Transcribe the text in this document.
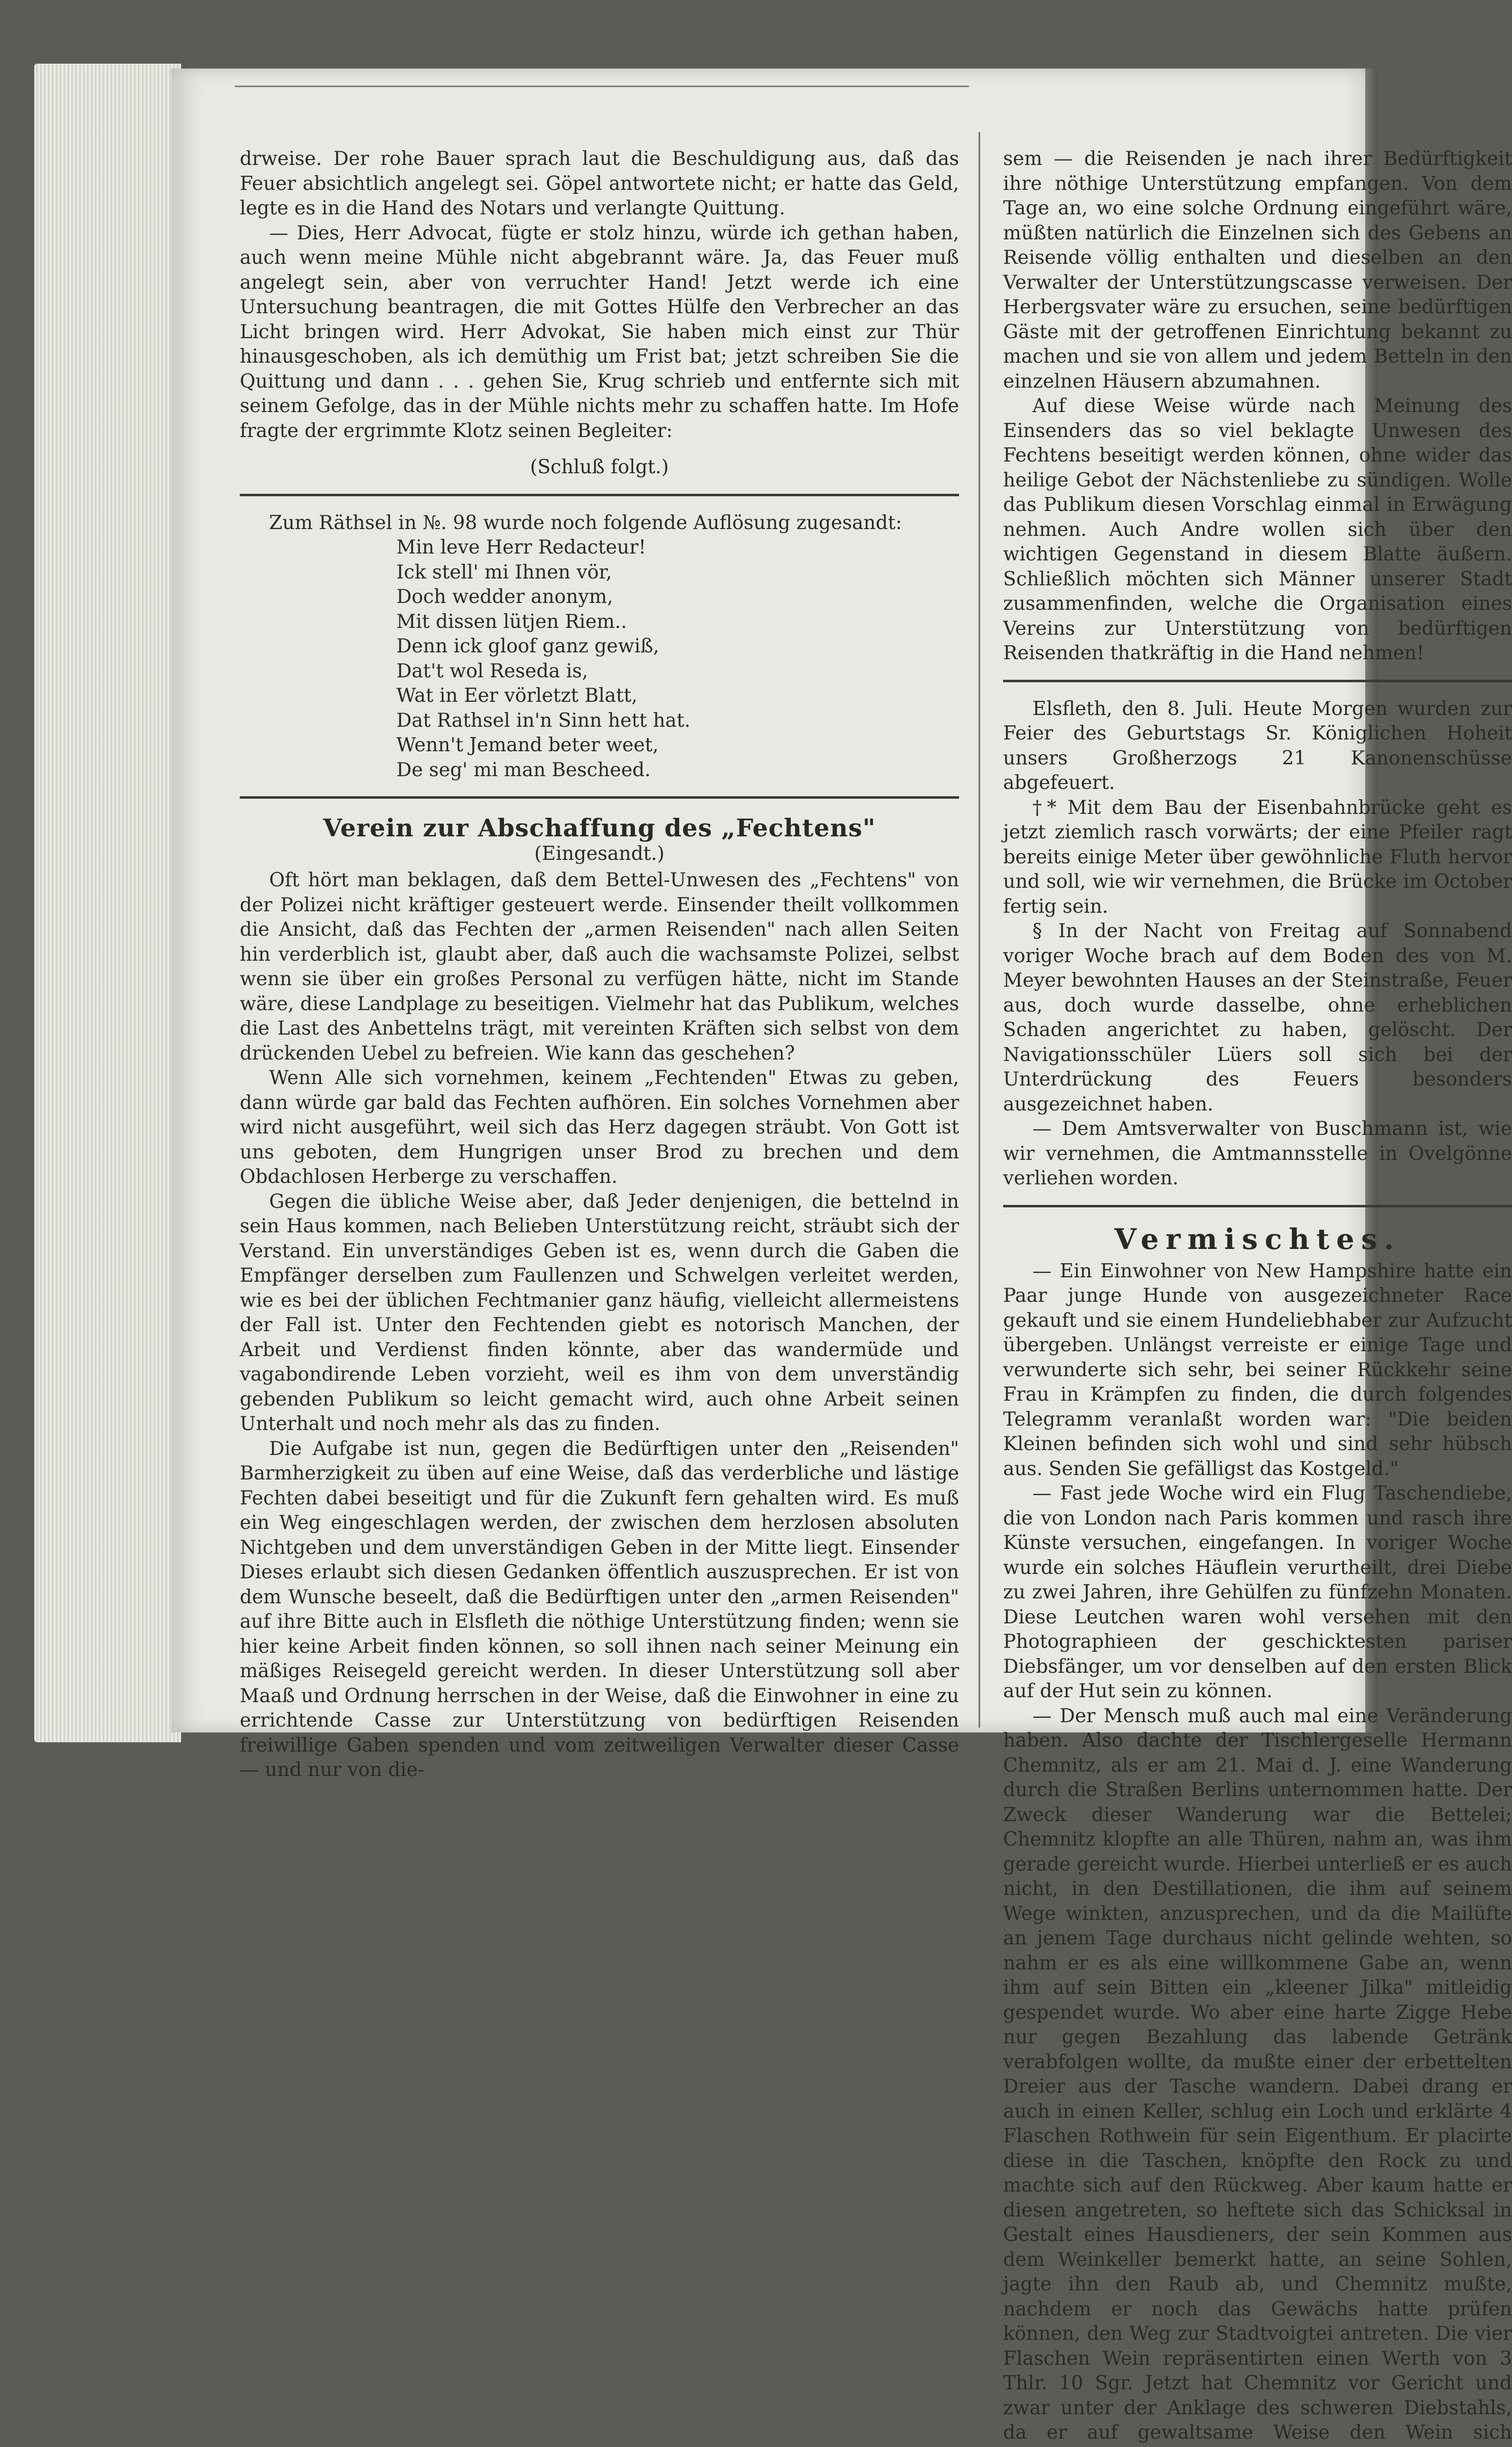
drweise. Der rohe Bauer sprach laut die Beschuldigung aus, daß das Feuer absichtlich angelegt sei. Göpel antwortete nicht; er hatte das Geld, legte es in die Hand des Notars und verlangte Quittung.

— Dies, Herr Advocat, fügte er stolz hinzu, würde ich gethan haben, auch wenn meine Mühle nicht abgebrannt wäre. Ja, das Feuer muß angelegt sein, aber von verruchter Hand! Jetzt werde ich eine Untersuchung beantragen, die mit Gottes Hülfe den Verbrecher an das Licht bringen wird. Herr Advokat, Sie haben mich einst zur Thür hinausgeschoben, als ich demüthig um Frist bat; jetzt schreiben Sie die Quittung und dann . . . gehen Sie, Krug schrieb und entfernte sich mit seinem Gefolge, das in der Mühle nichts mehr zu schaffen hatte. Im Hofe fragte der ergrimmte Klotz seinen Begleiter:

(Schluß folgt.)

Zum Räthsel in №. 98 wurde noch folgende Auflösung zugesandt:

Min leve Herr Redacteur!
Ick stell' mi Ihnen vör,
Doch wedder anonym,
Mit dissen lütjen Riem..
Denn ick gloof ganz gewiß,
Dat't wol Reseda is,
Wat in Eer vörletzt Blatt,
Dat Rathsel in'n Sinn hett hat.
Wenn't Jemand beter weet,
De seg' mi man Bescheed.
Verein zur Abschaffung des „Fechtens"
(Eingesandt.)

Oft hört man beklagen, daß dem Bettel-Unwesen des „Fechtens" von der Polizei nicht kräftiger gesteuert werde. Einsender theilt vollkommen die Ansicht, daß das Fechten der „armen Reisenden" nach allen Seiten hin verderblich ist, glaubt aber, daß auch die wachsamste Polizei, selbst wenn sie über ein großes Personal zu verfügen hätte, nicht im Stande wäre, diese Landplage zu beseitigen. Vielmehr hat das Publikum, welches die Last des Anbettelns trägt, mit vereinten Kräften sich selbst von dem drückenden Uebel zu befreien. Wie kann das geschehen?

Wenn Alle sich vornehmen, keinem „Fechtenden" Etwas zu geben, dann würde gar bald das Fechten aufhören. Ein solches Vornehmen aber wird nicht ausgeführt, weil sich das Herz dagegen sträubt. Von Gott ist uns geboten, dem Hungrigen unser Brod zu brechen und dem Obdachlosen Herberge zu verschaffen.

Gegen die übliche Weise aber, daß Jeder denjenigen, die bettelnd in sein Haus kommen, nach Belieben Unterstützung reicht, sträubt sich der Verstand. Ein unverständiges Geben ist es, wenn durch die Gaben die Empfänger derselben zum Faullenzen und Schwelgen verleitet werden, wie es bei der üblichen Fechtmanier ganz häufig, vielleicht allermeistens der Fall ist. Unter den Fechtenden giebt es notorisch Manchen, der Arbeit und Verdienst finden könnte, aber das wandermüde und vagabondirende Leben vorzieht, weil es ihm von dem unverständig gebenden Publikum so leicht gemacht wird, auch ohne Arbeit seinen Unterhalt und noch mehr als das zu finden.

Die Aufgabe ist nun, gegen die Bedürftigen unter den „Reisenden" Barmherzigkeit zu üben auf eine Weise, daß das verderbliche und lästige Fechten dabei beseitigt und für die Zukunft fern gehalten wird. Es muß ein Weg eingeschlagen werden, der zwischen dem herzlosen absoluten Nichtgeben und dem unverständigen Geben in der Mitte liegt. Einsender Dieses erlaubt sich diesen Gedanken öffentlich auszusprechen. Er ist von dem Wunsche beseelt, daß die Bedürftigen unter den „armen Reisenden" auf ihre Bitte auch in Elsfleth die nöthige Unterstützung finden; wenn sie hier keine Arbeit finden können, so soll ihnen nach seiner Meinung ein mäßiges Reisegeld gereicht werden. In dieser Unterstützung soll aber Maaß und Ordnung herrschen in der Weise, daß die Einwohner in eine zu errichtende Casse zur Unterstützung von bedürftigen Reisenden freiwillige Gaben spenden und vom zeitweiligen Verwalter dieser Casse — und nur von die-

sem — die Reisenden je nach ihrer Bedürftigkeit ihre nöthige Unterstützung empfangen. Von dem Tage an, wo eine solche Ordnung eingeführt wäre, müßten natürlich die Einzelnen sich des Gebens an Reisende völlig enthalten und dieselben an den Verwalter der Unterstützungscasse verweisen. Der Herbergsvater wäre zu ersuchen, seine bedürftigen Gäste mit der getroffenen Einrichtung bekannt zu machen und sie von allem und jedem Betteln in den einzelnen Häusern abzumahnen.

Auf diese Weise würde nach Meinung des Einsenders das so viel beklagte Unwesen des Fechtens beseitigt werden können, ohne wider das heilige Gebot der Nächstenliebe zu sündigen. Wolle das Publikum diesen Vorschlag einmal in Erwägung nehmen. Auch Andre wollen sich über den wichtigen Gegenstand in diesem Blatte äußern. Schließlich möchten sich Männer unserer Stadt zusammenfinden, welche die Organisation eines Vereins zur Unterstützung von bedürftigen Reisenden thatkräftig in die Hand nehmen!

Elsfleth, den 8. Juli. Heute Morgen wurden zur Feier des Geburtstags Sr. Königlichen Hoheit unsers Großherzogs 21 Kanonenschüsse abgefeuert.

†* Mit dem Bau der Eisenbahnbrücke geht es jetzt ziemlich rasch vorwärts; der eine Pfeiler ragt bereits einige Meter über gewöhnliche Fluth hervor und soll, wie wir vernehmen, die Brücke im October fertig sein.

§ In der Nacht von Freitag auf Sonnabend voriger Woche brach auf dem Boden des von M. Meyer bewohnten Hauses an der Steinstraße, Feuer aus, doch wurde dasselbe, ohne erheblichen Schaden angerichtet zu haben, gelöscht. Der Navigationsschüler Lüers soll sich bei der Unterdrückung des Feuers besonders ausgezeichnet haben.

— Dem Amtsverwalter von Buschmann ist, wie wir vernehmen, die Amtmannsstelle in Ovelgönne verliehen worden.

Vermischtes.

— Ein Einwohner von New Hampshire hatte ein Paar junge Hunde von ausgezeichneter Race gekauft und sie einem Hundeliebhaber zur Aufzucht übergeben. Unlängst verreiste er einige Tage und verwunderte sich sehr, bei seiner Rückkehr seine Frau in Krämpfen zu finden, die durch folgendes Telegramm veranlaßt worden war: "Die beiden Kleinen befinden sich wohl und sind sehr hübsch aus. Senden Sie gefälligst das Kostgeld."

— Fast jede Woche wird ein Flug Taschendiebe, die von London nach Paris kommen und rasch ihre Künste versuchen, eingefangen. In voriger Woche wurde ein solches Häuflein verurtheilt, drei Diebe zu zwei Jahren, ihre Gehülfen zu fünfzehn Monaten. Diese Leutchen waren wohl versehen mit den Photographieen der geschicktesten pariser Diebsfänger, um vor denselben auf den ersten Blick auf der Hut sein zu können.

— Der Mensch muß auch mal eine Veränderung haben. Also dachte der Tischlergeselle Hermann Chemnitz, als er am 21. Mai d. J. eine Wanderung durch die Straßen Berlins unternommen hatte. Der Zweck dieser Wanderung war die Bettelei; Chemnitz klopfte an alle Thüren, nahm an, was ihm gerade gereicht wurde. Hierbei unterließ er es auch nicht, in den Destillationen, die ihm auf seinem Wege winkten, anzusprechen, und da die Mailüfte an jenem Tage durchaus nicht gelinde wehten, so nahm er es als eine willkommene Gabe an, wenn ihm auf sein Bitten ein „kleener Jilka" mitleidig gespendet wurde. Wo aber eine harte Zigge Hebe nur gegen Bezahlung das labende Getränk verabfolgen wollte, da mußte einer der erbettelten Dreier aus der Tasche wandern. Dabei drang er auch in einen Keller, schlug ein Loch und erklärte 4 Flaschen Rothwein für sein Eigenthum. Er placirte diese in die Taschen, knöpfte den Rock zu und machte sich auf den Rückweg. Aber kaum hatte er diesen angetreten, so heftete sich das Schicksal in Gestalt eines Hausdieners, der sein Kommen aus dem Weinkeller bemerkt hatte, an seine Sohlen, jagte ihn den Raub ab, und Chemnitz mußte, nachdem er noch das Gewächs hatte prüfen können, den Weg zur Stadtvoigtei antreten. Die vier Flaschen Wein repräsentirten einen Werth von 3 Thlr. 10 Sgr. Jetzt hat Chemnitz vor Gericht und zwar unter der Anklage des schweren Diebstahls, da er auf gewaltsame Weise den Wein sich
